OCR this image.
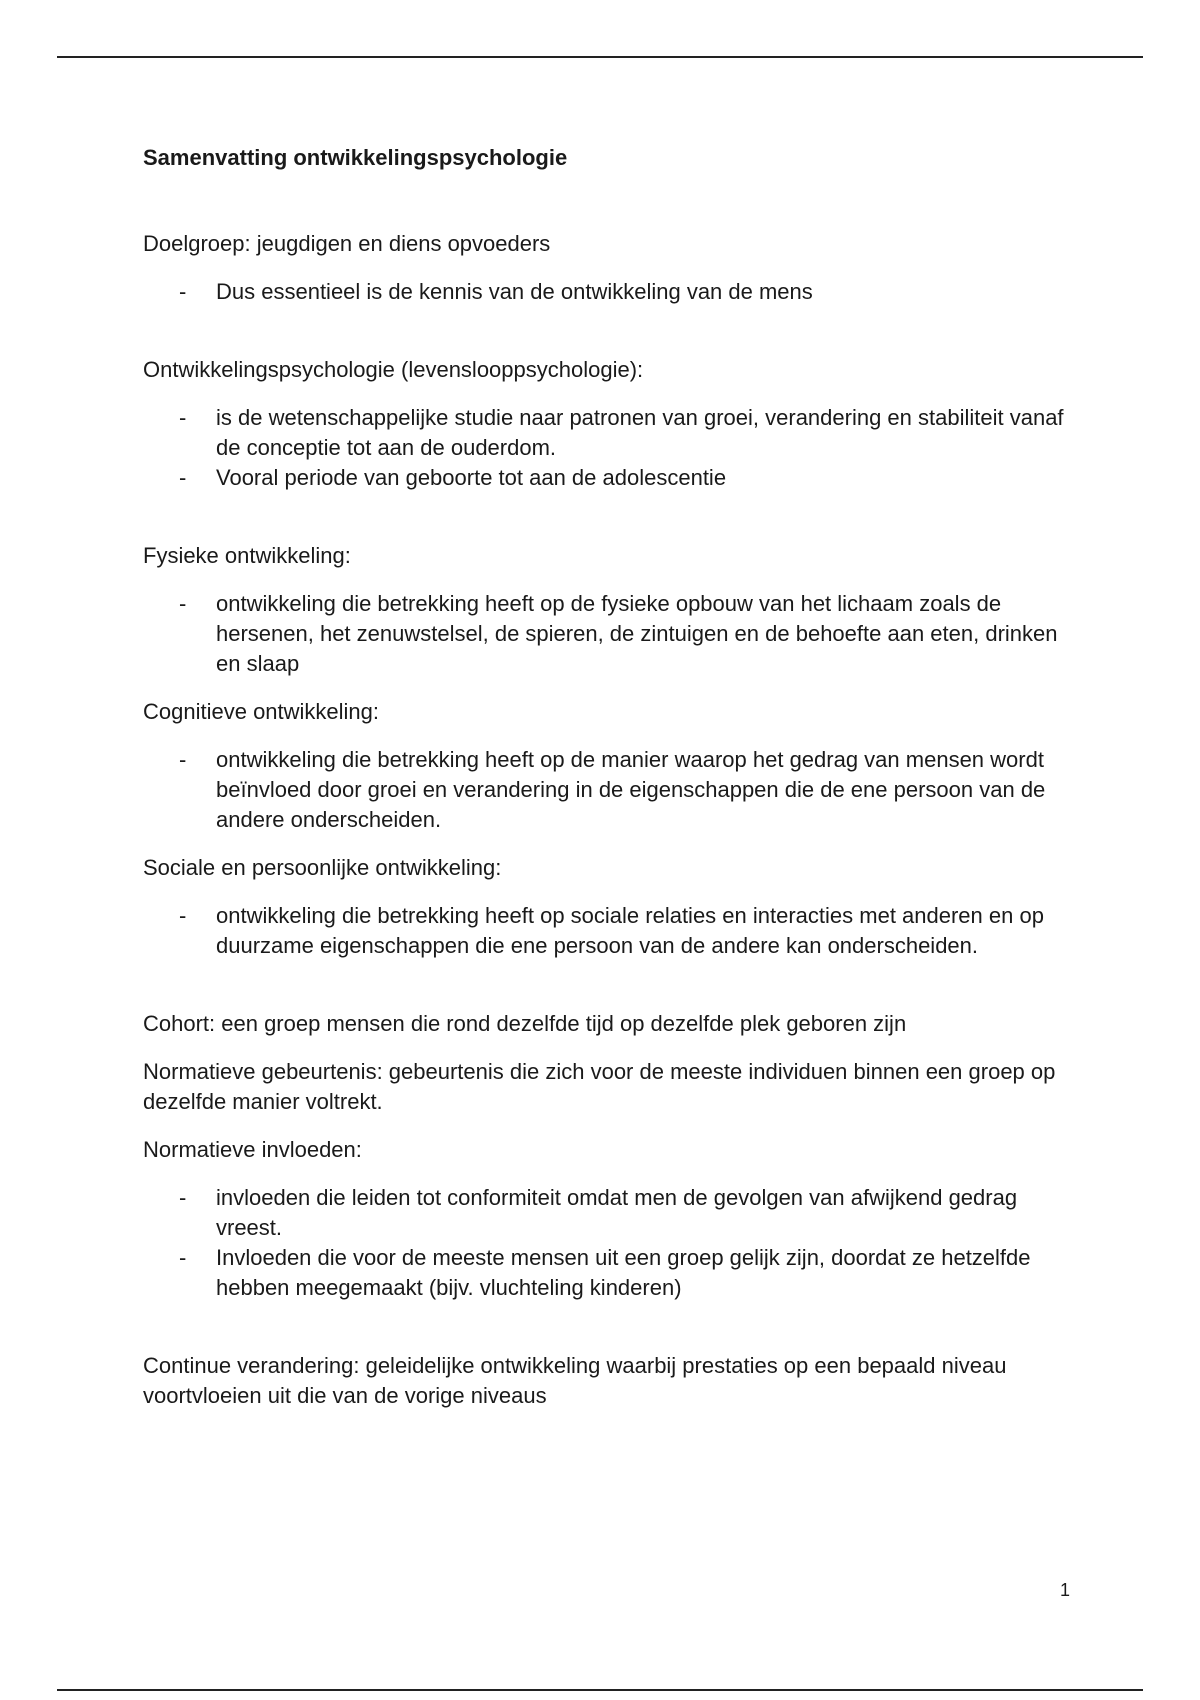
Samenvatting ontwikkelingspsychologie

Doelgroep: jeugdigen en diens opvoeders

- Dus essentieel is de kennis van de ontwikkeling van de mens

Ontwikkelingspsychologie (levenslooppsychologie):

- is de wetenschappelijke studie naar patronen van groei, verandering en stabiliteit vanaf de conceptie tot aan de ouderdom.
- Vooral periode van geboorte tot aan de adolescentie

Fysieke ontwikkeling:

- ontwikkeling die betrekking heeft op de fysieke opbouw van het lichaam zoals de hersenen, het zenuwstelsel, de spieren, de zintuigen en de behoefte aan eten, drinken en slaap

Cognitieve ontwikkeling:

- ontwikkeling die betrekking heeft op de manier waarop het gedrag van mensen wordt beïnvloed door groei en verandering in de eigenschappen die de ene persoon van de andere onderscheiden.

Sociale en persoonlijke ontwikkeling:

- ontwikkeling die betrekking heeft op sociale relaties en interacties met anderen en op duurzame eigenschappen die ene persoon van de andere kan onderscheiden.

Cohort: een groep mensen die rond dezelfde tijd op dezelfde plek geboren zijn

Normatieve gebeurtenis: gebeurtenis die zich voor de meeste individuen binnen een groep op dezelfde manier voltrekt.

Normatieve invloeden:

- invloeden die leiden tot conformiteit omdat men de gevolgen van afwijkend gedrag vreest.
- Invloeden die voor de meeste mensen uit een groep gelijk zijn, doordat ze hetzelfde hebben meegemaakt (bijv. vluchteling kinderen)

Continue verandering: geleidelijke ontwikkeling waarbij prestaties op een bepaald niveau voortvloeien uit die van de vorige niveaus

1
